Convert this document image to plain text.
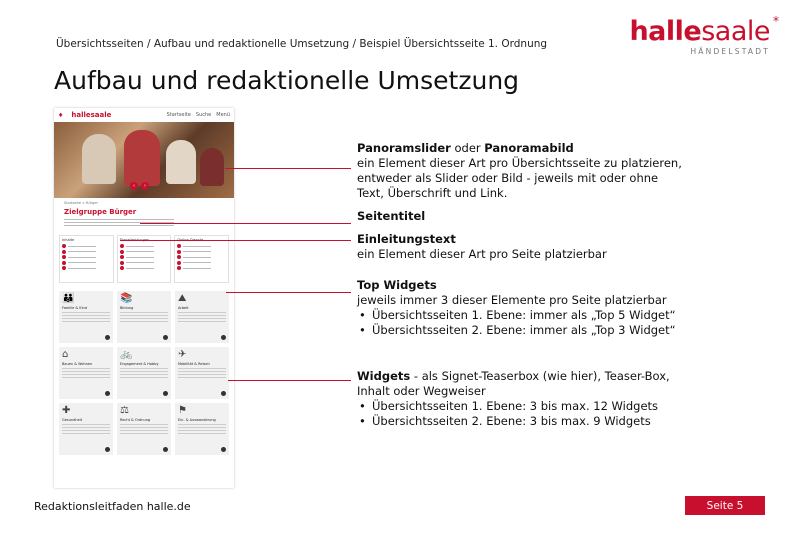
Übersichtsseiten / Aufbau und redaktionelle Umsetzung / Beispiel Übersichtsseite 1. Ordnung
Aufbau und redaktionelle Umsetzung
hallesaale *
HÄNDELSTADT
♦ hallesaale	Startseite Suche Menü
‹	›
Startseite > Bürger
Zielgruppe Bürger
Inhalte
👪
Familie & Kind
📚
Bildung
⛰
Arbeit
⌂
Bauen & Wohnen
🚲
Engagement & Hobby
✈
Mobilität & Reisen
✚
Gesundheit
⚖
Recht & Ordnung
⚑
Ein- & Auswanderung
Panoramslider oder Panoramabild
ein Element dieser Art pro Übersichtsseite zu platzieren, entweder als Slider oder Bild - jeweils mit oder ohne Text, Überschrift und Link.
Seitentitel
Einleitungstext
ein Element dieser Art pro Seite platzierbar
Top Widgets
jeweils immer 3 dieser Elemente pro Seite platzierbar
• Übersichtsseiten 1. Ebene: immer als „Top 5 Widget“
• Übersichtsseiten 2. Ebene: immer als „Top 3 Widget“
Widgets - als Signet-Teaserbox (wie hier), Teaser-Box, Inhalt oder Wegweiser
• Übersichtsseiten 1. Ebene: 3 bis max. 12 Widgets
• Übersichtsseiten 2. Ebene: 3 bis max. 9 Widgets
Redaktionsleitfaden halle.de	Seite 5
